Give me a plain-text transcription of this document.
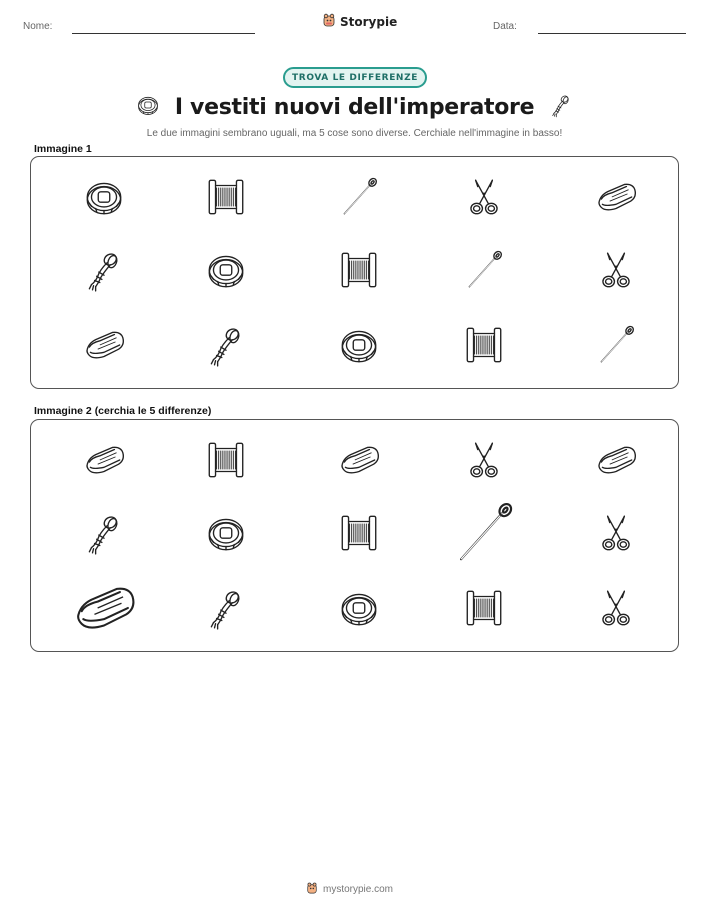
Nome:	Storypie	Data:
TROVA LE DIFFERENZE
I vestiti nuovi dell'imperatore
Le due immagini sembrano uguali, ma 5 cose sono diverse. Cerchiale nell'immagine in basso!
Immagine 1
Immagine 2 (cerchia le 5 differenze)
mystorypie.com
